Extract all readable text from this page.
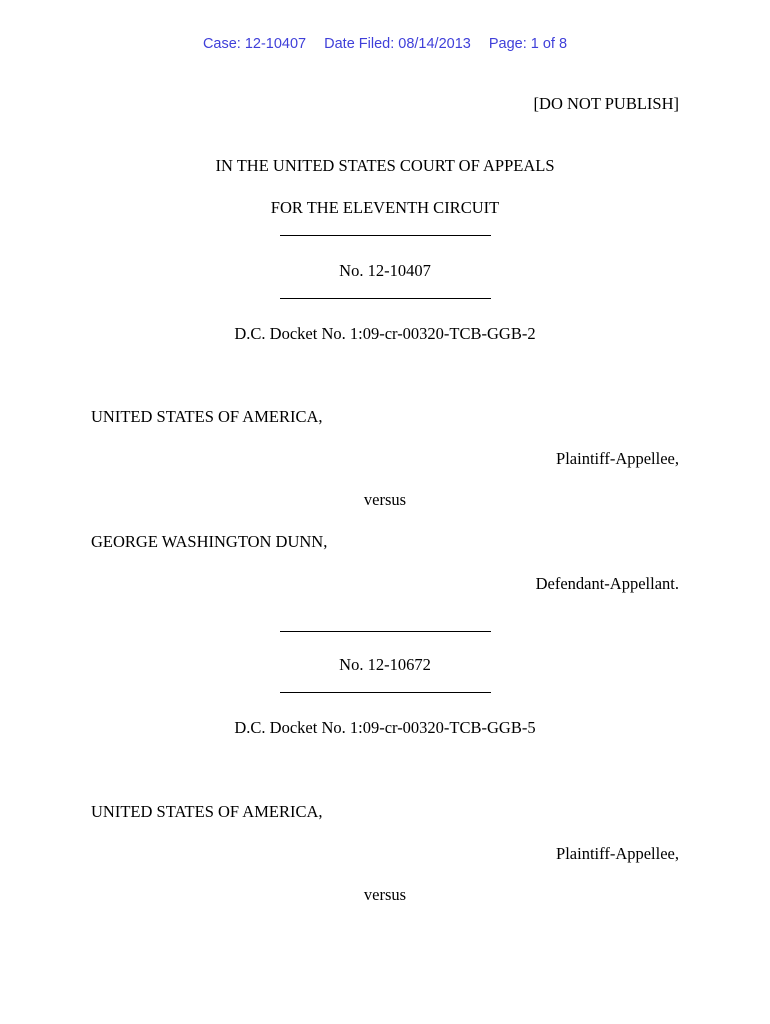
Case: 12-10407 Date Filed: 08/14/2013 Page: 1 of 8
[DO NOT PUBLISH]
IN THE UNITED STATES COURT OF APPEALS
FOR THE ELEVENTH CIRCUIT
No. 12-10407
D.C. Docket No. 1:09-cr-00320-TCB-GGB-2
UNITED STATES OF AMERICA,
Plaintiff-Appellee,
versus
GEORGE WASHINGTON DUNN,
Defendant-Appellant.
No. 12-10672
D.C. Docket No. 1:09-cr-00320-TCB-GGB-5
UNITED STATES OF AMERICA,
Plaintiff-Appellee,
versus
